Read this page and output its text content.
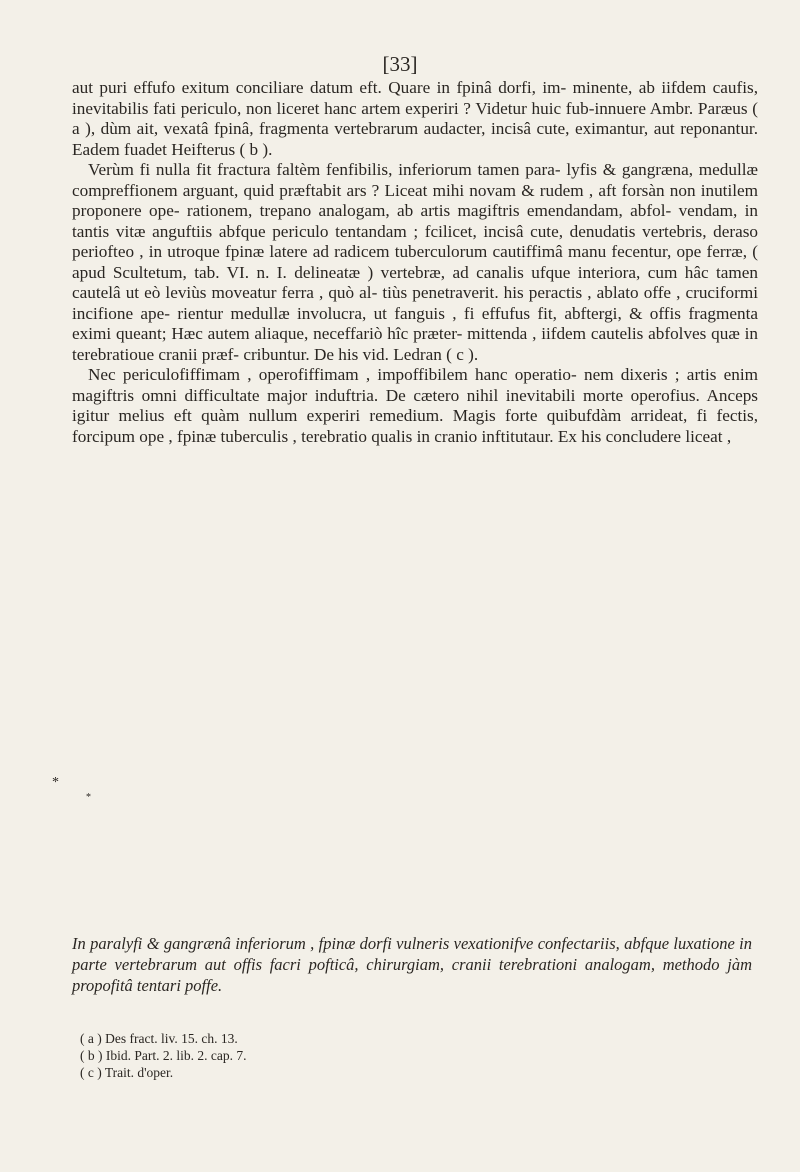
[33]

aut puri effufo exitum conciliare datum eft. Quare in fpinâ dorfi, im- minente, ab iifdem caufis, inevitabilis fati periculo, non liceret hanc artem experiri ? Videtur huic fub-innuere Ambr. Paræus ( a ), dùm ait, vexatâ fpinâ, fragmenta vertebrarum audacter, incisâ cute, eximantur, aut reponantur. Eadem fuadet Heifterus ( b ).

Verùm fi nulla fit fractura faltèm fenfibilis, inferiorum tamen para- lyfis & gangræna, medullæ compreffionem arguant, quid præftabit ars ? Liceat mihi novam & rudem , aft forsàn non inutilem proponere ope- rationem, trepano analogam, ab artis magiftris emendandam, abfol- vendam, in tantis vitæ anguftiis abfque periculo tentandam ; fcilicet, incisâ cute, denudatis vertebris, deraso periofteo , in utroque fpinæ latere ad radicem tuberculorum cautiffimâ manu fecentur, ope ferræ, ( apud Scultetum, tab. VI. n. I. delineatæ ) vertebræ, ad canalis ufque interiora, cum hâc tamen cautelâ ut eò leviùs moveatur ferra , quò al- tiùs penetraverit. his peractis , ablato offe , cruciformi incifione ape- rientur medullæ involucra, ut fanguis , fi effufus fit, abftergi, & offis fragmenta eximi queant; Hæc autem aliaque, neceffariò hîc præter- mittenda , iifdem cautelis abfolves quæ in terebratioue cranii præf- cribuntur. De his vid. Ledran ( c ).

Nec periculofiffimam , operofiffimam , impoffibilem hanc operatio- nem dixeris ; artis enim magiftris omni difficultate major induftria. De cætero nihil inevitabili morte operofius. Anceps igitur melius eft quàm nullum experiri remedium. Magis forte quibufdàm arrideat, fi fectis, forcipum ope , fpinæ tuberculis , terebratio qualis in cranio inftitutaur. Ex his concludere liceat ,

*
*

In paralyfi & gangrænâ inferiorum , fpinæ dorfi vulneris vexationifve confectariis, abfque luxatione in parte vertebrarum aut offis facri pofticâ, chirurgiam, cranii terebrationi analogam, methodo jàm propofitâ tentari poffe.

( a ) Des fract. liv. 15. ch. 13.
( b ) Ibid. Part. 2. lib. 2. cap. 7.
( c ) Trait. d'oper.
